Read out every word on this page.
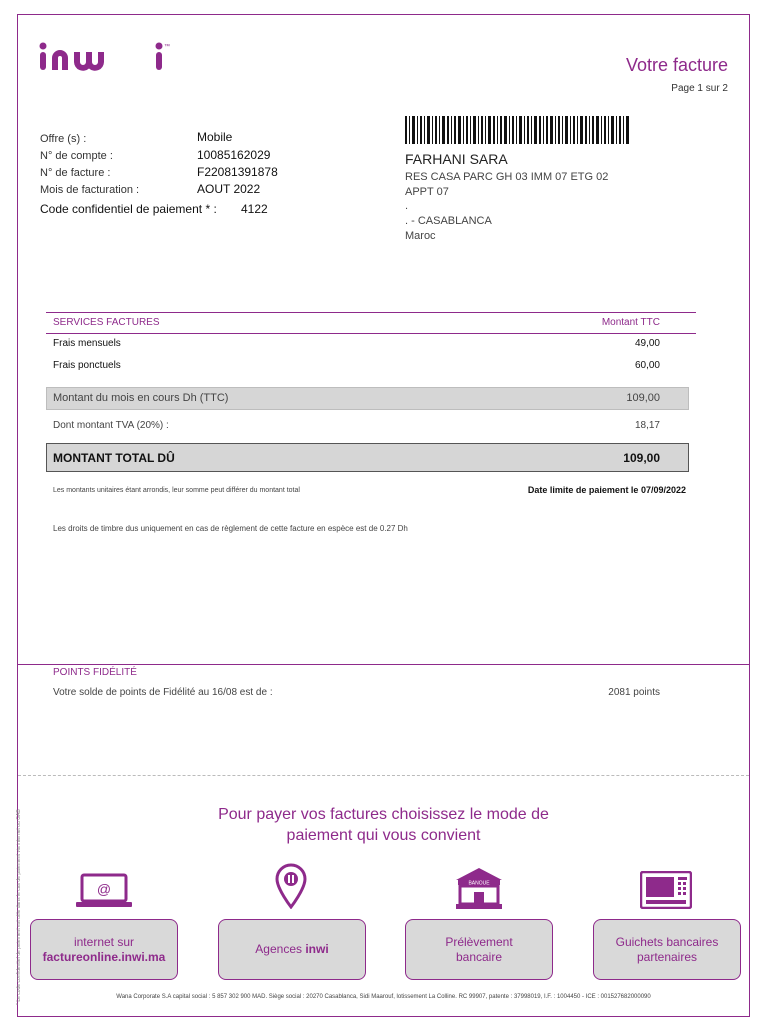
™
Votre facture
Page 1 sur 2
Offre (s) :	Mobile
N° de compte :	10085162029
N° de facture :	F22081391878
Mois de facturation :	AOUT 2022
Code confidentiel de paiement * : 4122
FARHANI SARA
RES CASA PARC GH 03 IMM 07 ETG 02
APPT 07
.
. - CASABLANCA
Maroc
SERVICES FACTURES	Montant TTC
Frais mensuels	49,00
Frais ponctuels	60,00
Montant du mois en cours Dh (TTC)	109,00
Dont montant TVA (20%) :	18,17
MONTANT TOTAL DÛ	109,00
Les montants unitaires étant arrondis, leur somme peut différer du montant total	Date limite de paiement le 07/09/2022
Les droits de timbre dus uniquement en cas de règlement de cette facture en espèce est de 0.27 Dh
POINTS FIDÉLITÉ
Votre solde de points de Fidélité au 16/08 est de :	2081 points
Pour payer vos factures choisissez le mode de
paiement qui vous convient
@	BANQUE
internet sur
factureonline.inwi.ma
Agences inwi
Prélèvement
bancaire
Guichets bancaires
partenaires
Wana Corporate S.A capital social : 5 857 302 900 MAD. Siège social : 20270 Casablanca, Sidi Maarouf, lotissement La Colline. RC 99907, patente : 37998019, I.F. : 1004450 - ICE : 001527682000090
* Le code confidentiel de paiement est utile dans le cas de paiement via internet ou GAB
